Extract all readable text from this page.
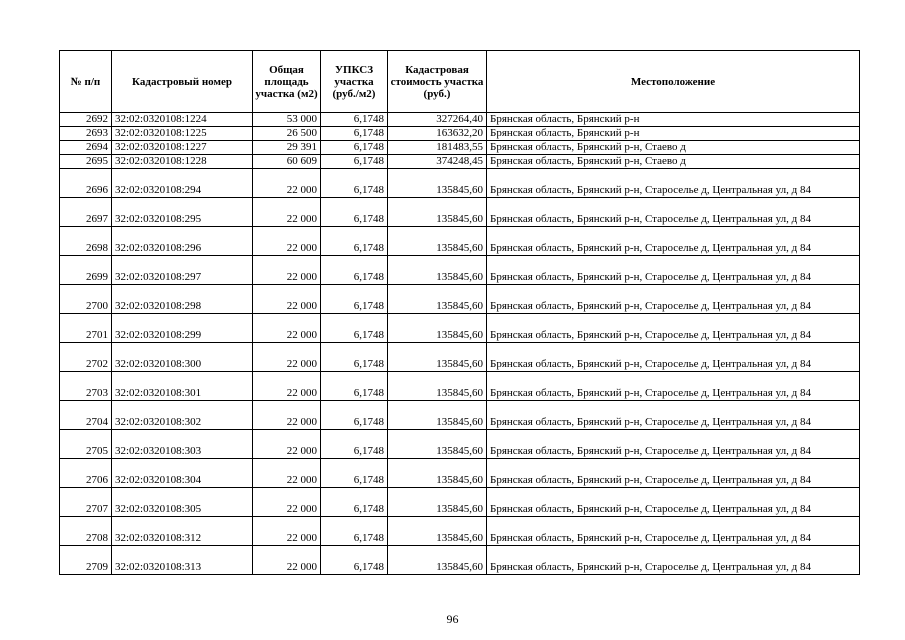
№ п/п	Кадастровый номер	Общая площадь участка (м2)	УПКСЗ участка (руб./м2)	Кадастровая стоимость участка (руб.)	Местоположение
2692	32:02:0320108:1224	53 000	6,1748	327264,40	Брянская область, Брянский р-н
2693	32:02:0320108:1225	26 500	6,1748	163632,20	Брянская область, Брянский р-н
2694	32:02:0320108:1227	29 391	6,1748	181483,55	Брянская область, Брянский р-н, Стаево д
2695	32:02:0320108:1228	60 609	6,1748	374248,45	Брянская область, Брянский р-н, Стаево д
2696	32:02:0320108:294	22 000	6,1748	135845,60	Брянская область, Брянский р-н, Староселье д, Центральная ул, д 84
2697	32:02:0320108:295	22 000	6,1748	135845,60	Брянская область, Брянский р-н, Староселье д, Центральная ул, д 84
2698	32:02:0320108:296	22 000	6,1748	135845,60	Брянская область, Брянский р-н, Староселье д, Центральная ул, д 84
2699	32:02:0320108:297	22 000	6,1748	135845,60	Брянская область, Брянский р-н, Староселье д, Центральная ул, д 84
2700	32:02:0320108:298	22 000	6,1748	135845,60	Брянская область, Брянский р-н, Староселье д, Центральная ул, д 84
2701	32:02:0320108:299	22 000	6,1748	135845,60	Брянская область, Брянский р-н, Староселье д, Центральная ул, д 84
2702	32:02:0320108:300	22 000	6,1748	135845,60	Брянская область, Брянский р-н, Староселье д, Центральная ул, д 84
2703	32:02:0320108:301	22 000	6,1748	135845,60	Брянская область, Брянский р-н, Староселье д, Центральная ул, д 84
2704	32:02:0320108:302	22 000	6,1748	135845,60	Брянская область, Брянский р-н, Староселье д, Центральная ул, д 84
2705	32:02:0320108:303	22 000	6,1748	135845,60	Брянская область, Брянский р-н, Староселье д, Центральная ул, д 84
2706	32:02:0320108:304	22 000	6,1748	135845,60	Брянская область, Брянский р-н, Староселье д, Центральная ул, д 84
2707	32:02:0320108:305	22 000	6,1748	135845,60	Брянская область, Брянский р-н, Староселье д, Центральная ул, д 84
2708	32:02:0320108:312	22 000	6,1748	135845,60	Брянская область, Брянский р-н, Староселье д, Центральная ул, д 84
2709	32:02:0320108:313	22 000	6,1748	135845,60	Брянская область, Брянский р-н, Староселье д, Центральная ул, д 84
96
